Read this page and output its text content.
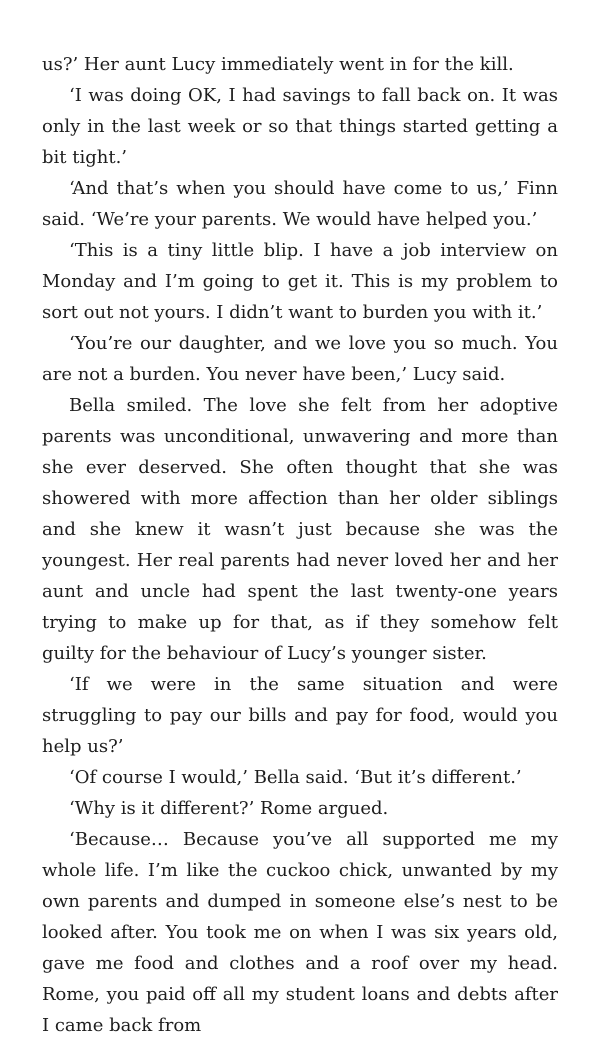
us?’ Her aunt Lucy immediately went in for the kill.

‘I was doing OK, I had savings to fall back on. It was only in the last week or so that things started getting a bit tight.’

‘And that’s when you should have come to us,’ Finn said. ‘We’re your parents. We would have helped you.’

‘This is a tiny little blip. I have a job interview on Monday and I’m going to get it. This is my problem to sort out not yours. I didn’t want to burden you with it.’

‘You’re our daughter, and we love you so much. You are not a burden. You never have been,’ Lucy said.

Bella smiled. The love she felt from her adoptive parents was unconditional, unwavering and more than she ever deserved. She often thought that she was showered with more affection than her older siblings and she knew it wasn’t just because she was the youngest. Her real parents had never loved her and her aunt and uncle had spent the last twenty-one years trying to make up for that, as if they somehow felt guilty for the behaviour of Lucy’s younger sister.

‘If we were in the same situation and were struggling to pay our bills and pay for food, would you help us?’

‘Of course I would,’ Bella said. ‘But it’s different.’

‘Why is it different?’ Rome argued.

‘Because… Because you’ve all supported me my whole life. I’m like the cuckoo chick, unwanted by my own parents and dumped in someone else’s nest to be looked after. You took me on when I was six years old, gave me food and clothes and a roof over my head. Rome, you paid off all my student loans and debts after I came back from
